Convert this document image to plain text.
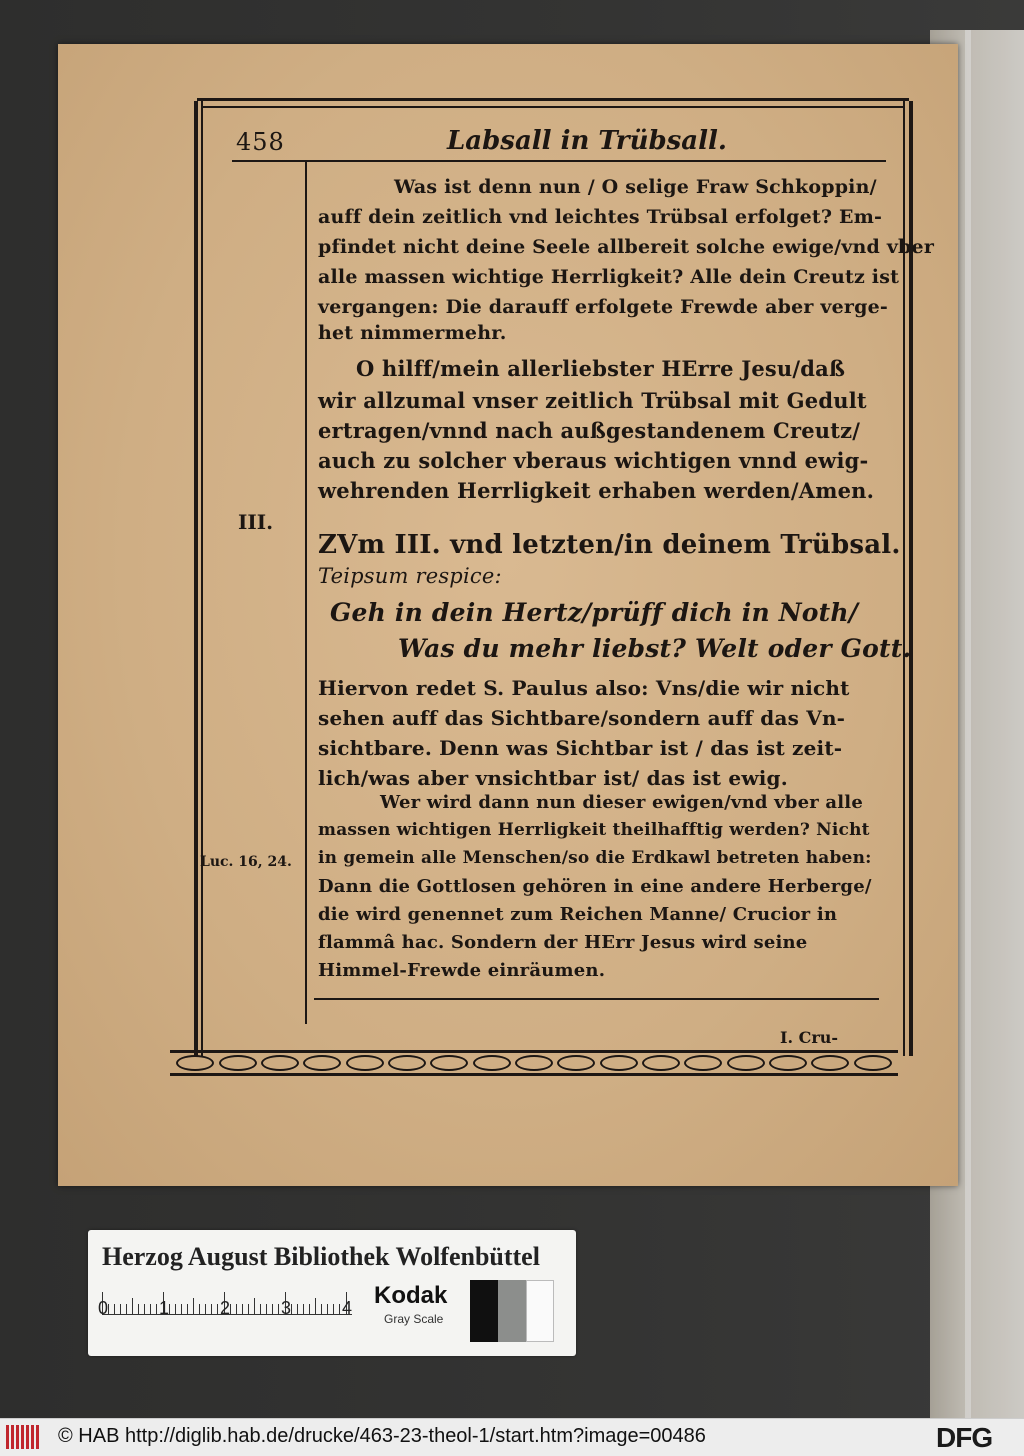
458	Labsall in Trübsall.
Was ist denn nun / O selige Fraw Schkoppin/
auff dein zeitlich vnd leichtes Trübsal erfolget? Em-
pfindet nicht deine Seele allbereit solche ewige/vnd vber
alle massen wichtige Herrligkeit? Alle dein Creutz ist
vergangen: Die darauff erfolgete Frewde aber verge-
het nimmermehr.
O hilff/mein allerliebster HErre Jesu/daß
wir allzumal vnser zeitlich Trübsal mit Gedult
ertragen/vnnd nach außgestandenem Creutz/
auch zu solcher vberaus wichtigen vnnd ewig-
wehrenden Herrligkeit erhaben werden/Amen.
ZVm III. vnd letzten/in deinem Trübsal.
Teipsum respice:
Geh in dein Hertz/prüff dich in Noth/
Was du mehr liebst? Welt oder Gott.
Hiervon redet S. Paulus also: Vns/die wir nicht
sehen auff das Sichtbare/sondern auff das Vn-
sichtbare. Denn was Sichtbar ist / das ist zeit-
lich/was aber vnsichtbar ist/ das ist ewig.
Wer wird dann nun dieser ewigen/vnd vber alle
massen wichtigen Herrligkeit theilhafftig werden? Nicht
in gemein alle Menschen/so die Erdkawl betreten haben:
Dann die Gottlosen gehören in eine andere Herberge/
die wird genennet zum Reichen Manne/ Crucior in
flammâ hac. Sondern der HErr Jesus wird seine
Himmel-Frewde einräumen.
III.
Luc. 16, 24.
I. Cru-
Herzog August Bibliothek Wolfenbüttel
Kodak
Gray Scale
0	1	2	3	4
© HAB http://diglib.hab.de/drucke/463-23-theol-1/start.htm?image=00486	DFG
